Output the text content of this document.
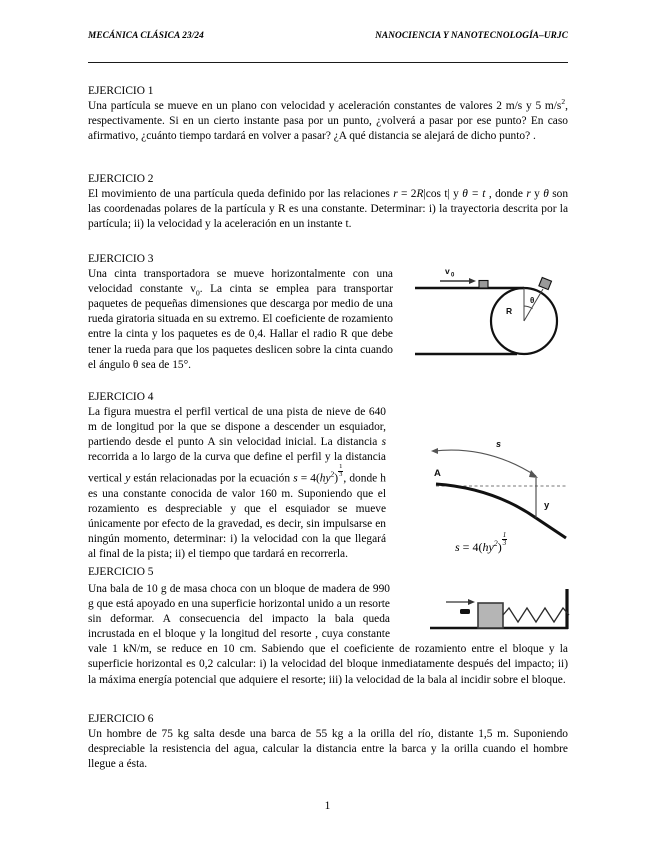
MECÁNICA CLÁSICA 23/24	NANOCIENCIA Y NANOTECNOLOGÍA–URJC
EJERCICIO 1
Una partícula se mueve en un plano con velocidad y aceleración constantes de valores 2 m/s y 5 $m/s^2$, respectivamente. Si en un cierto instante pasa por un punto, ¿volverá a pasar por ese punto? En caso afirmativo, ¿cuánto tiempo tardará en volver a pasar? ¿A qué distancia se alejará de dicho punto? .
EJERCICIO 2
El movimiento de una partícula queda definido por las relaciones r = 2R|cos t| y θ = t , donde r y θ son las coordenadas polares de la partícula y R es una constante. Determinar: i) la trayectoria descrita por la partícula; ii) la velocidad y la aceleración en un instante t.
EJERCICIO 3
Una cinta transportadora se mueve horizontalmente con una velocidad constante $v_0$. La cinta se emplea para transportar paquetes de pequeñas dimensiones que descarga por medio de una rueda giratoria situada en su extremo. El coeficiente de rozamiento entre la cinta y los paquetes es de 0,4. Hallar el radio R que debe tener la rueda para que los paquetes deslicen sobre la cinta cuando el ángulo θ sea de 15°.
v 0
R
θ
EJERCICIO 4
La figura muestra el perfil vertical de una pista de nieve de 640 m de longitud por la que se dispone a descender un esquiador, partiendo desde el punto A sin velocidad inicial. La distancia s recorrida a lo largo de la curva que define el perfil y la distancia vertical y están relacionadas por la ecuación $s = 4(hy^2)$
$\frac{1}{3}$
, donde h es una constante conocida de valor 160 m. Suponiendo que el rozamiento es despreciable y que el esquiador se mueve únicamente por efecto de la gravedad, es decir, sin impulsarse en ningún momento, determinar: i) la velocidad con la que llegará al final de la pista; ii) el tiempo que tardará en recorrerla.
s
A
y
$s = 4(hy^2)$
$\frac{1}{3}$
EJERCICIO 5
Una bala de 10 g de masa choca con un bloque de madera de 990 g que está apoyado en una superficie horizontal unido a un resorte sin deformar. A consecuencia del impacto la bala queda incrustada en el bloque y la longitud del resorte , cuya constante vale 1 kN/m, se reduce en 10 cm. Sabiendo que el coeficiente de rozamiento entre el bloque y la superficie horizontal es 0,2 calcular: i) la velocidad del bloque inmediatamente después del impacto; ii) la máxima energía potencial que adquiere el resorte; iii) la velocidad de la bala al incidir sobre el bloque.
EJERCICIO 6
Un hombre de 75 kg salta desde una barca de 55 kg a la orilla del río, distante 1,5 m. Suponiendo despreciable la resistencia del agua, calcular la distancia entre la barca y la orilla cuando el hombre llegue a ésta.
1
